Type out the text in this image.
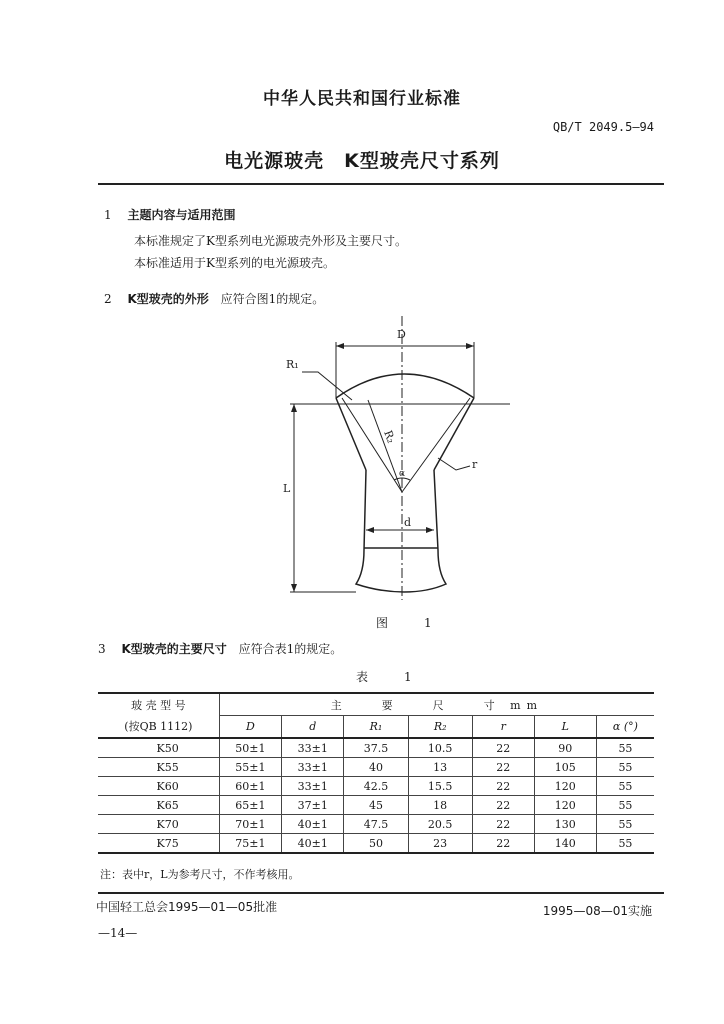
中华人民共和国行业标准
QB/T 2049.5—94
电光源玻壳　K型玻壳尺寸系列
1 主题内容与适用范围
本标准规定了K型系列电光源玻壳外形及主要尺寸。
本标准适用于K型系列的电光源玻壳。
2 K型玻壳的外形 应符合图1的规定。
D
R₁
R₂
r
L
d
α
图　1
3 K型玻壳的主要尺寸 应符合表1的规定。
表　1
玻 壳 型 号	主　　要　　尺　　寸 mm						
(按QB 1112)	D	d	R₁	R₂	r	L	α (°)
K50	50±1	33±1	37.5	10.5	22	90	55
K55	55±1	33±1	40	13	22	105	55
K60	60±1	33±1	42.5	15.5	22	120	55
K65	65±1	37±1	45	18	22	120	55
K70	70±1	40±1	47.5	20.5	22	130	55
K75	75±1	40±1	50	23	22	140	55
注：表中r，L为参考尺寸，不作考核用。
中国轻工总会1995—01—05批准	1995—08—01实施
—14—
